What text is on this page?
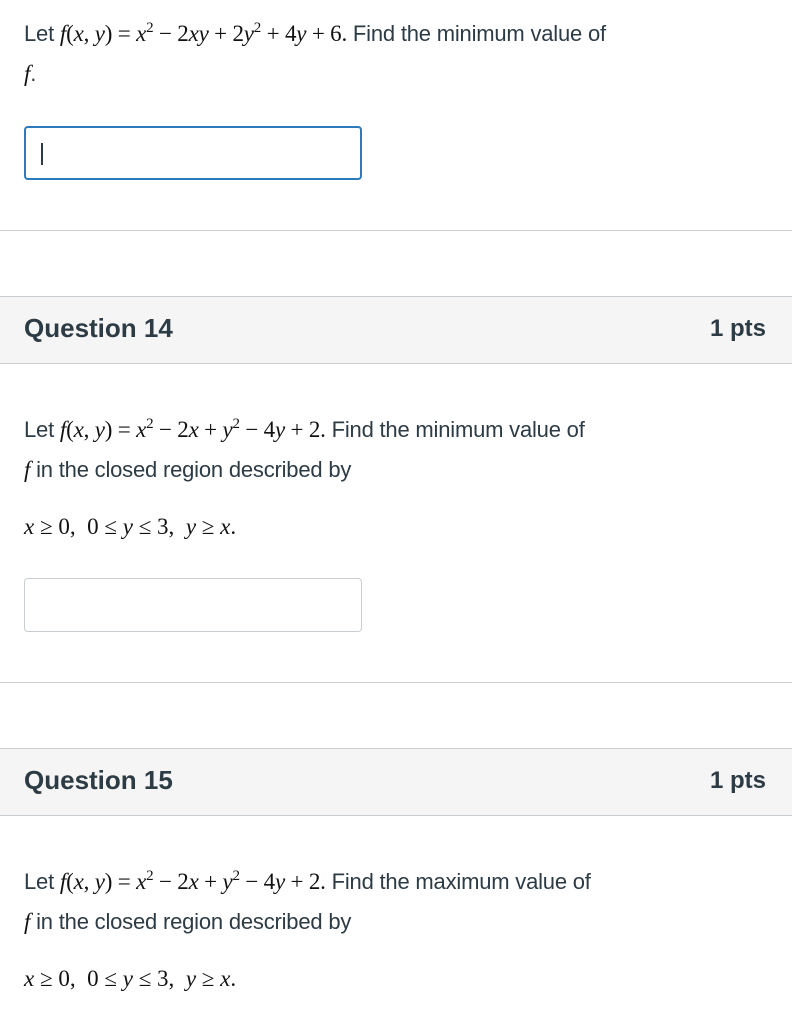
Let f(x, $y) = x^2 - 2xy + 2y^2 + 4y + 6$. Find the minimum value of
f.
Question 14	1 pts
Let f(x, $y) = x^2 - 2x + y^2 - 4y + 2$. Find the minimum value of
f in the closed region described by
x ≥ 0,  0 ≤ y ≤ 3,  y ≥ x.
Question 15	1 pts
Let f(x, $y) = x^2 - 2x + y^2 - 4y + 2$. Find the maximum value of
f in the closed region described by
x ≥ 0,  0 ≤ y ≤ 3,  y ≥ x.
